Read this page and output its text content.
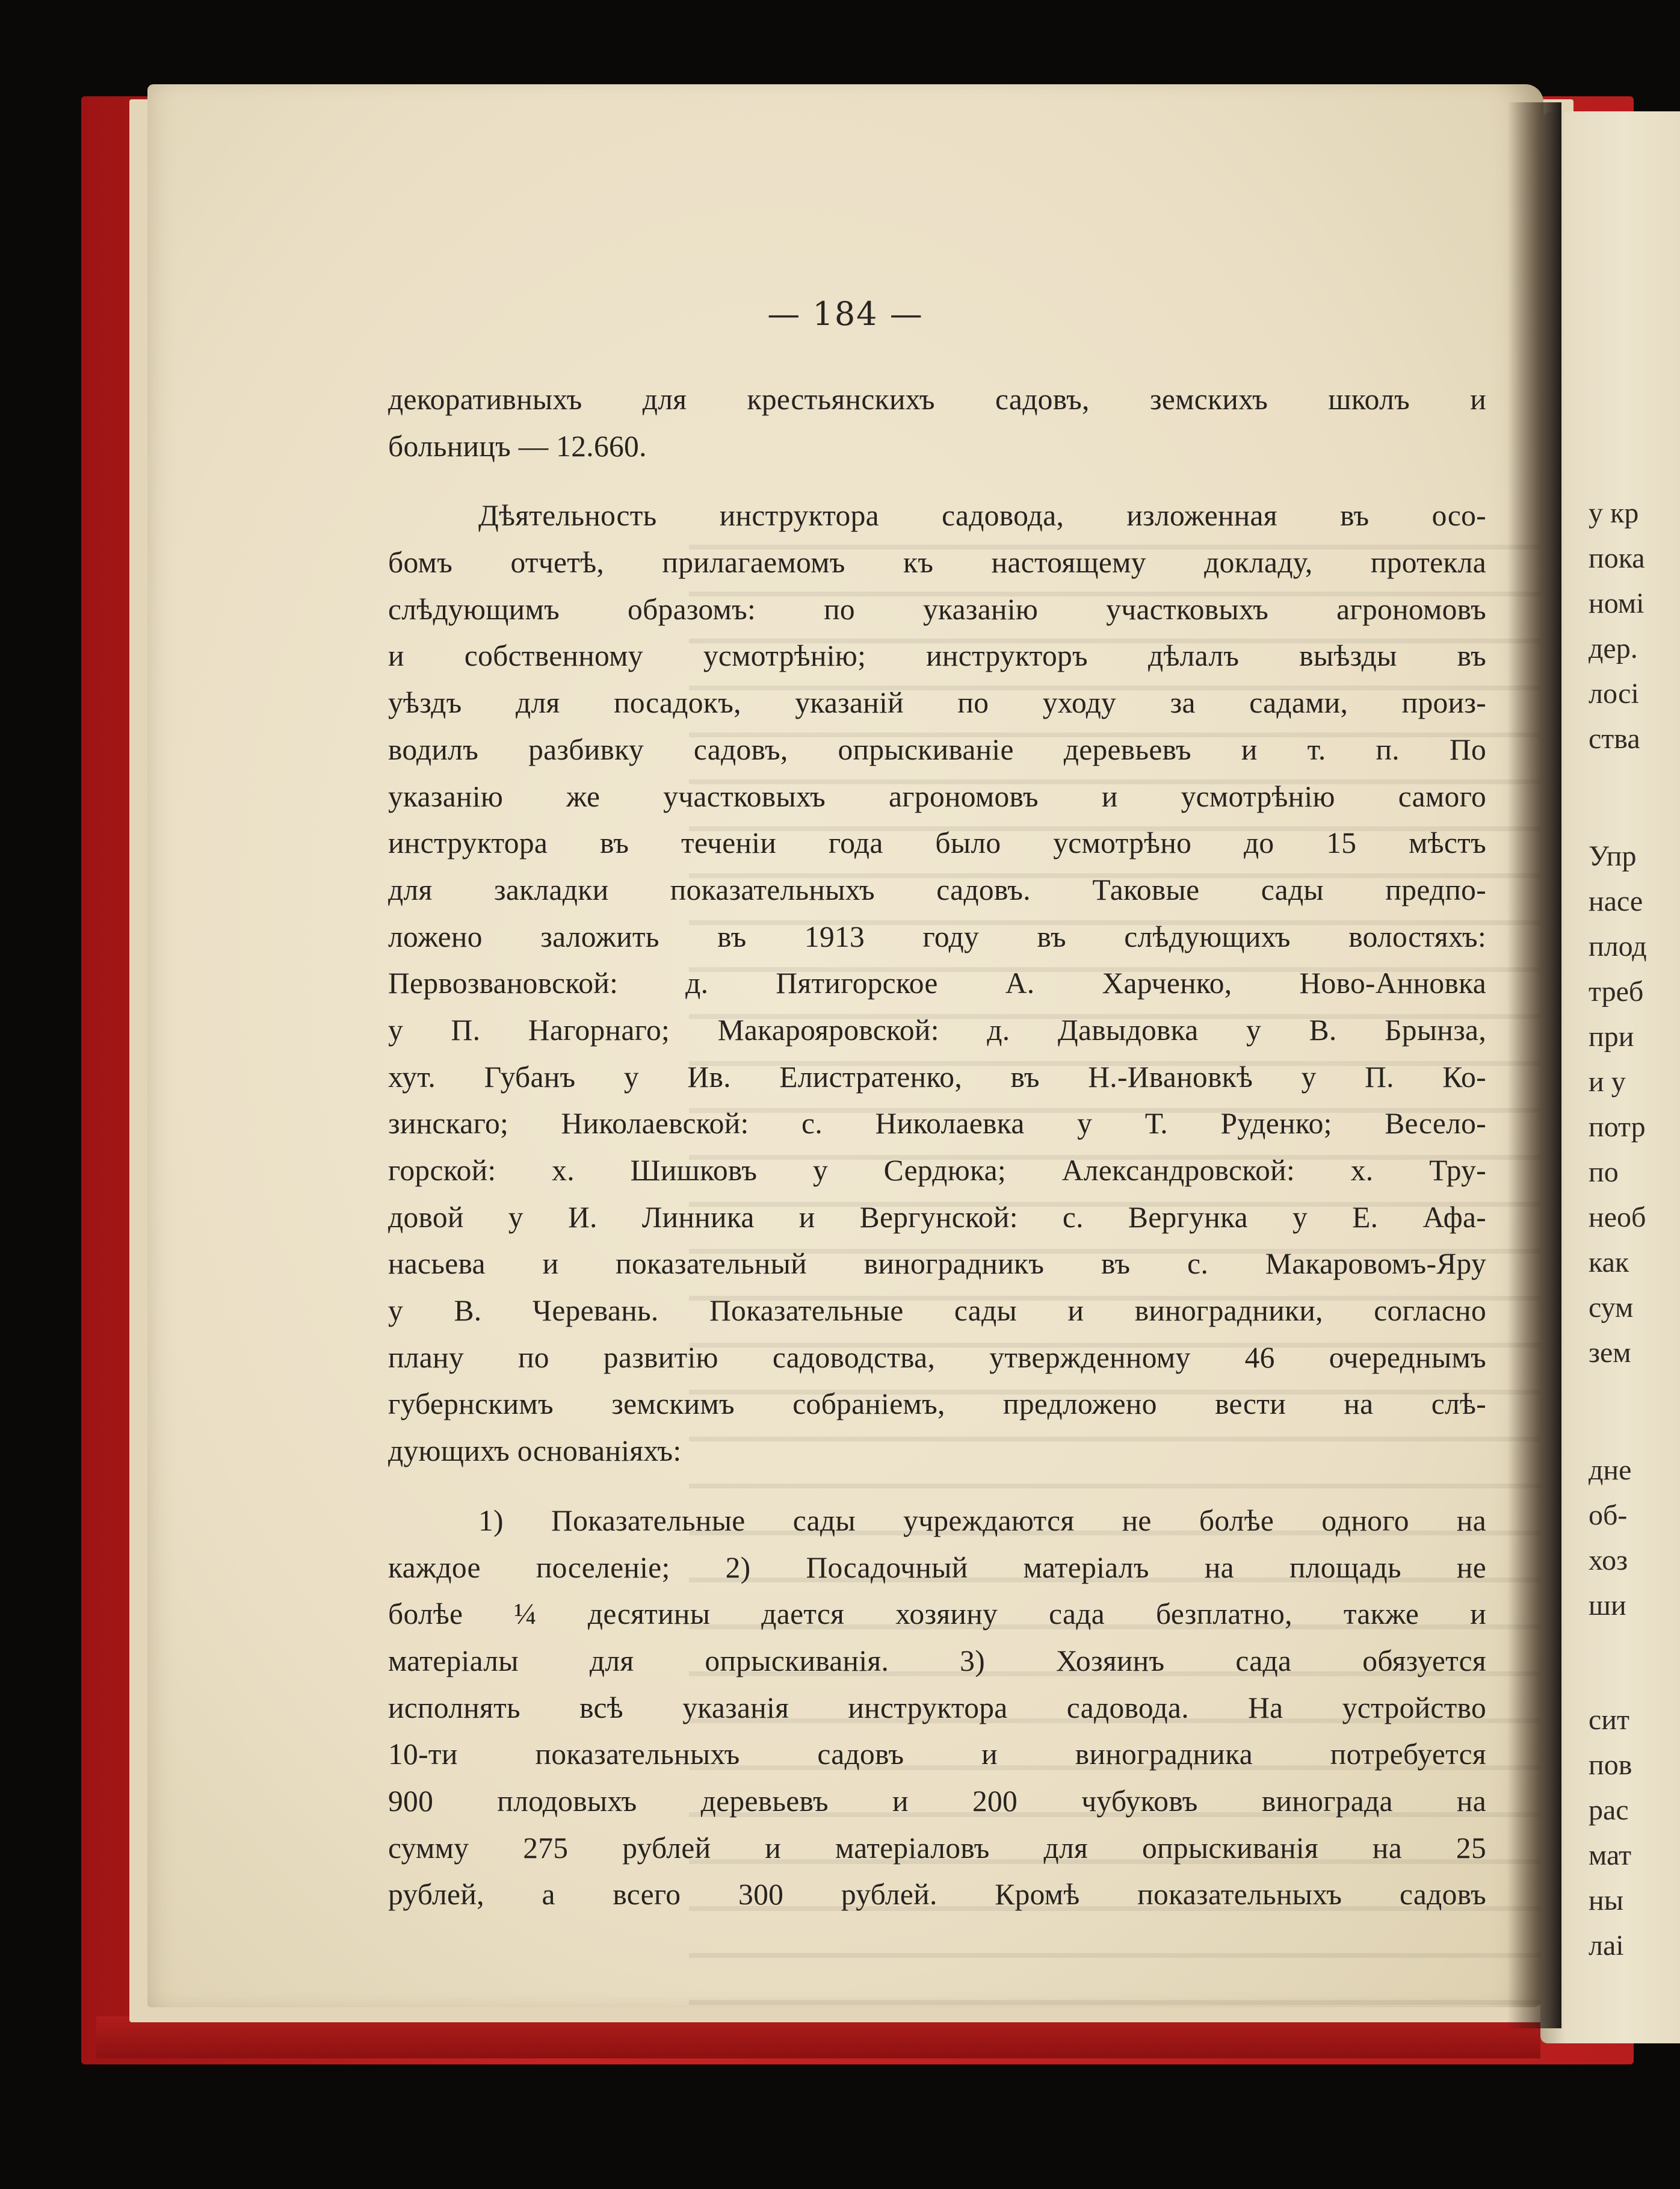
— 184 —
декоративныхъ для крестьянскихъ садовъ, земскихъ школъ и
больницъ — 12.660.
Дѣятельность инструктора садовода, изложенная въ осо-
бомъ отчетѣ, прилагаемомъ къ настоящему докладу, протекла
слѣдующимъ образомъ: по указанію участковыхъ агрономовъ
и собственному усмотрѣнію; инструкторъ дѣлалъ выѣзды въ
уѣздъ для посадокъ, указаній по уходу за садами, произ-
водилъ разбивку садовъ, опрыскиваніе деревьевъ и т. п. По
указанію же участковыхъ агрономовъ и усмотрѣнію самого
инструктора въ теченіи года было усмотрѣно до 15 мѣстъ
для закладки показательныхъ садовъ. Таковые сады предпо-
ложено заложить въ 1913 году въ слѣдующихъ волостяхъ:
Первозвановской: д. Пятигорское А. Харченко, Ново-Анновка
у П. Нагорнаго; Макарояровской: д. Давыдовка у В. Брынза,
хут. Губанъ у Ив. Елистратенко, въ Н.-Ивановкѣ у П. Ко-
зинскаго; Николаевской: с. Николаевка у Т. Руденко; Весело-
горской: х. Шишковъ у Сердюка; Александровской: х. Тру-
довой у И. Линника и Вергунской: с. Вергунка у Е. Афа-
насьева и показательный виноградникъ въ с. Макаровомъ-Яру
у В. Черевань. Показательные сады и виноградники, согласно
плану по развитію садоводства, утвержденному 46 очереднымъ
губернскимъ земскимъ собраніемъ, предложено вести на слѣ-
дующихъ основаніяхъ:
1) Показательные сады учреждаются не болѣе одного на
каждое поселеніе; 2) Посадочный матеріалъ на площадь не
болѣе ¼ десятины дается хозяину сада безплатно, также и
матеріалы для опрыскиванія. 3) Хозяинъ сада обязуется
исполнять всѣ указанія инструктора садовода. На устройство
10-ти показательныхъ садовъ и виноградника потребуется
900 плодовыхъ деревьевъ и 200 чубуковъ винограда на
сумму 275 рублей и матеріаловъ для опрыскиванія на 25
рублей, а всего 300 рублей. Кромѣ показательныхъ садовъ
у кр
пока
номі
дер.
лосі
ства
Упр
насе
плод
треб
при
и у
потр
по
необ
как
сум
зем
дне
об-
хоз
ши
сит
пов
рас
мат
ны
лаі
